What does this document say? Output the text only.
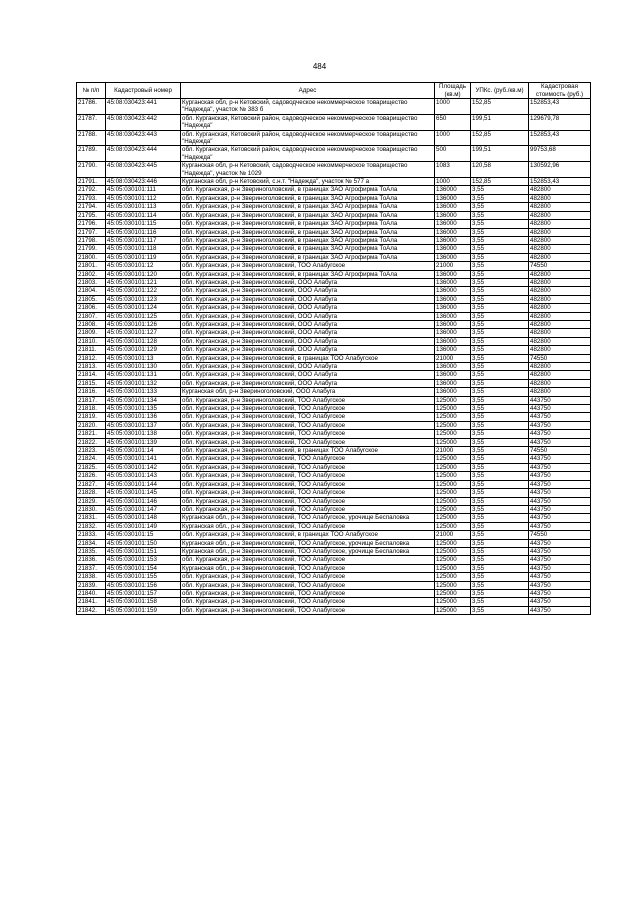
484
№ п/п	Кадастровый номер	Адрес	Площадь (кв.м)	УПКс. (руб./кв.м)	Кадастровая стоимость (руб.)
21786.	45:08:030423:441	Курганская обл, р-н Кетовский, садоводческое некоммерческое товарищество "Надежда", участок № 383 б	1000	152,85	152853,43
21787.	45:08:030423:442	обл. Курганская, Кетовский район, садоводческое некоммерческое товарищество "Надежда"	650	199,51	129679,78
21788.	45:08:030423:443	обл. Курганская, Кетовский район, садоводческое некоммерческое товарищество "Надежда"	1000	152,85	152853,43
21789.	45:08:030423:444	обл. Курганская, Кетовский район, садоводческое некоммерческое товарищество "Надежда"	500	199,51	99753,68
21790.	45:08:030423:445	Курганская обл, р-н Кетовский, садоводческое некоммерческое товарищество "Надежда", участок № 1029	1083	120,58	130592,96
21791.	45:08:030423:446	Курганская обл, р-н Кетовский, с.н.т. "Надежда", участок № 577 а	1000	152,85	152853,43
21792.	45:05:030101:111	обл. Курганская, р-н Звериноголовский, в границах ЗАО Агрофирма ТоАла	136000	3,55	482800
21793.	45:05:030101:112	обл. Курганская, р-н Звериноголовский, в границах ЗАО Агрофирма ТоАла	136000	3,55	482800
21794.	45:05:030101:113	обл. Курганская, р-н Звериноголовский, в границах ЗАО Агрофирма ТоАла	136000	3,55	482800
21795.	45:05:030101:114	обл. Курганская, р-н Звериноголовский, в границах ЗАО Агрофирма ТоАла	136000	3,55	482800
21796.	45:05:030101:115	обл. Курганская, р-н Звериноголовский, в границах ЗАО Агрофирма ТоАла	136000	3,55	482800
21797.	45:05:030101:116	обл. Курганская, р-н Звериноголовский, в границах ЗАО Агрофирма ТоАла	136000	3,55	482800
21798.	45:05:030101:117	обл. Курганская, р-н Звериноголовский, в границах ЗАО Агрофирма ТоАла	136000	3,55	482800
21799.	45:05:030101:118	обл. Курганская, р-н Звериноголовский, в границах ЗАО Агрофирма ТоАла	136000	3,55	482800
21800.	45:05:030101:119	обл. Курганская, р-н Звериноголовский, в границах ЗАО Агрофирма ТоАла	136000	3,55	482800
21801.	45:05:030101:12	обл. Курганская, р-н Звериноголовский, ТОО Алабугское	21000	3,55	74550
21802.	45:05:030101:120	обл. Курганская, р-н Звериноголовский, в границах ЗАО Агрофирма ТоАла	136000	3,55	482800
21803.	45:05:030101:121	обл. Курганская, р-н Звериноголовский, ООО Алабуга	136000	3,55	482800
21804.	45:05:030101:122	обл. Курганская, р-н Звериноголовский, ООО Алабуга	136000	3,55	482800
21805.	45:05:030101:123	обл. Курганская, р-н Звериноголовский, ООО Алабуга	136000	3,55	482800
21806.	45:05:030101:124	обл. Курганская, р-н Звериноголовский, ООО Алабуга	136000	3,55	482800
21807.	45:05:030101:125	обл. Курганская, р-н Звериноголовский, ООО Алабуга	136000	3,55	482800
21808.	45:05:030101:126	обл. Курганская, р-н Звериноголовский, ООО Алабуга	136000	3,55	482800
21809.	45:05:030101:127	обл. Курганская, р-н Звериноголовский, ООО Алабуга	136000	3,55	482800
21810.	45:05:030101:128	обл. Курганская, р-н Звериноголовский, ООО Алабуга	136000	3,55	482800
21811.	45:05:030101:129	обл. Курганская, р-н Звериноголовский, ООО Алабуга	136000	3,55	482800
21812.	45:05:030101:13	обл. Курганская, р-н Звериноголовский, в границах ТОО Алабугское	21000	3,55	74550
21813.	45:05:030101:130	обл. Курганская, р-н Звериноголовский, ООО Алабуга	136000	3,55	482800
21814.	45:05:030101:131	обл. Курганская, р-н Звериноголовский, ООО Алабуга	136000	3,55	482800
21815.	45:05:030101:132	обл. Курганская, р-н Звериноголовский, ООО Алабуга	136000	3,55	482800
21816.	45:05:030101:133	Курганская обл, р-н Звериноголовский, ООО Алабуга	136000	3,55	482800
21817.	45:05:030101:134	обл. Курганская, р-н Звериноголовский, ТОО Алабугское	125000	3,55	443750
21818.	45:05:030101:135	обл. Курганская, р-н Звериноголовский, ТОО Алабугское	125000	3,55	443750
21819.	45:05:030101:136	обл. Курганская, р-н Звериноголовский, ТОО Алабугское	125000	3,55	443750
21820.	45:05:030101:137	обл. Курганская, р-н Звериноголовский, ТОО Алабугское	125000	3,55	443750
21821.	45:05:030101:138	обл. Курганская, р-н Звериноголовский, ТОО Алабугское	125000	3,55	443750
21822.	45:05:030101:139	обл. Курганская, р-н Звериноголовский, ТОО Алабугское	125000	3,55	443750
21823.	45:05:030101:14	обл. Курганская, р-н Звериноголовский, в границах ТОО Алабугское	21000	3,55	74550
21824.	45:05:030101:141	обл. Курганская, р-н Звериноголовский, ТОО Алабугское	125000	3,55	443750
21825.	45:05:030101:142	обл. Курганская, р-н Звериноголовский, ТОО Алабугское	125000	3,55	443750
21826.	45:05:030101:143	обл. Курганская, р-н Звериноголовский, ТОО Алабугское	125000	3,55	443750
21827.	45:05:030101:144	обл. Курганская, р-н Звериноголовский, ТОО Алабугское	125000	3,55	443750
21828.	45:05:030101:145	обл. Курганская, р-н Звериноголовский, ТОО Алабугское	125000	3,55	443750
21829.	45:05:030101:146	обл. Курганская, р-н Звериноголовский, ТОО Алабугское	125000	3,55	443750
21830.	45:05:030101:147	обл. Курганская, р-н Звериноголовский, ТОО Алабугское	125000	3,55	443750
21831.	45:05:030101:148	Курганская обл., р-н Звериноголовский, ТОО Алабугское, урочище Беспаловка	125000	3,55	443750
21832.	45:05:030101:149	Курганская обл., р-н Звериноголовский, ТОО Алабугское	125000	3,55	443750
21833.	45:05:030101:15	обл. Курганская, р-н Звериноголовский, в границах ТОО Алабугское	21000	3,55	74550
21834.	45:05:030101:150	Курганская обл., р-н Звериноголовский, ТОО Алабугское, урочище Беспаловка	125000	3,55	443750
21835.	45:05:030101:151	Курганская обл., р-н Звериноголовский, ТОО Алабугское, урочище Беспаловка	125000	3,55	443750
21836.	45:05:030101:153	обл. Курганская, р-н Звериноголовский, ТОО Алабугское	125000	3,55	443750
21837.	45:05:030101:154	Курганская обл., р-н Звериноголовский, ТОО Алабугское	125000	3,55	443750
21838.	45:05:030101:155	обл. Курганская, р-н Звериноголовский, ТОО Алабугское	125000	3,55	443750
21839.	45:05:030101:156	обл. Курганская, р-н Звериноголовский, ТОО Алабугское	125000	3,55	443750
21840.	45:05:030101:157	обл. Курганская, р-н Звериноголовский, ТОО Алабугское	125000	3,55	443750
21841.	45:05:030101:158	обл. Курганская, р-н Звериноголовский, ТОО Алабугское	125000	3,55	443750
21842.	45:05:030101:159	обл. Курганская, р-н Звериноголовский, ТОО Алабугское	125000	3,55	443750
